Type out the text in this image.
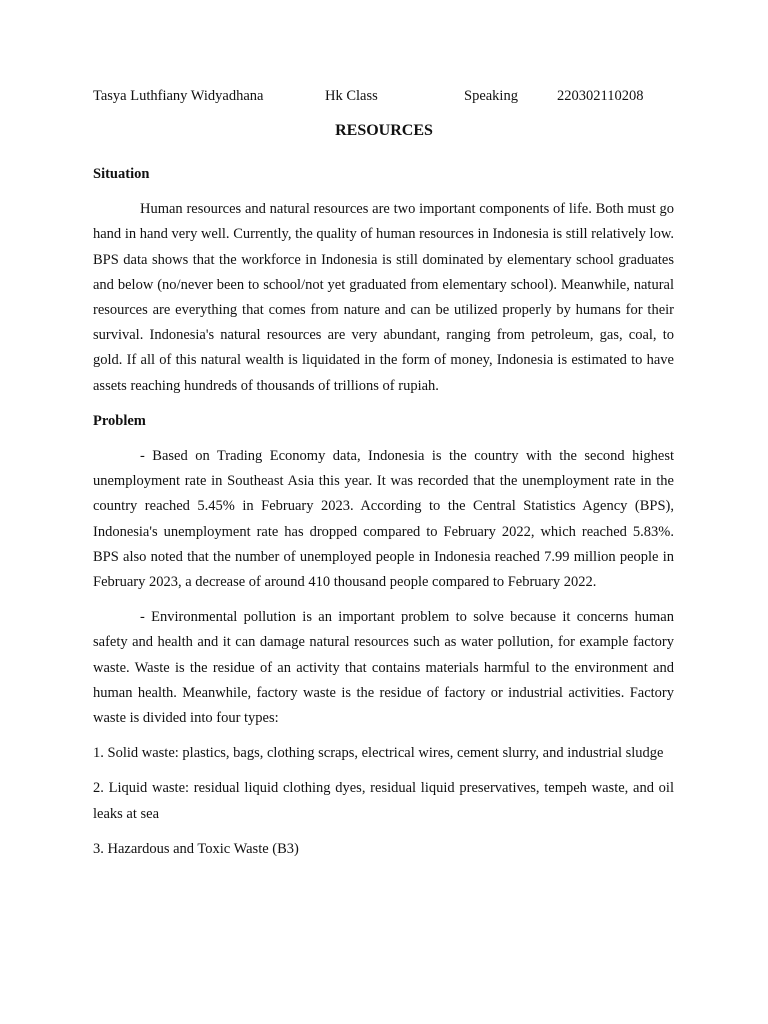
Tasya Luthfiany Widyadhana	Hk Class	Speaking	220302110208
RESOURCES
Situation

Human resources and natural resources are two important components of life. Both must go hand in hand very well. Currently, the quality of human resources in Indonesia is still relatively low. BPS data shows that the workforce in Indonesia is still dominated by elementary school graduates and below (no/never been to school/not yet graduated from elementary school). Meanwhile, natural resources are everything that comes from nature and can be utilized properly by humans for their survival. Indonesia's natural resources are very abundant, ranging from petroleum, gas, coal, to gold. If all of this natural wealth is liquidated in the form of money, Indonesia is estimated to have assets reaching hundreds of thousands of trillions of rupiah.

Problem

- Based on Trading Economy data, Indonesia is the country with the second highest unemployment rate in Southeast Asia this year. It was recorded that the unemployment rate in the country reached 5.45% in February 2023. According to the Central Statistics Agency (BPS), Indonesia's unemployment rate has dropped compared to February 2022, which reached 5.83%. BPS also noted that the number of unemployed people in Indonesia reached 7.99 million people in February 2023, a decrease of around 410 thousand people compared to February 2022.

- Environmental pollution is an important problem to solve because it concerns human safety and health and it can damage natural resources such as water pollution, for example factory waste. Waste is the residue of an activity that contains materials harmful to the environment and human health. Meanwhile, factory waste is the residue of factory or industrial activities. Factory waste is divided into four types:

1. Solid waste: plastics, bags, clothing scraps, electrical wires, cement slurry, and industrial sludge

2. Liquid waste: residual liquid clothing dyes, residual liquid preservatives, tempeh waste, and oil leaks at sea

3. Hazardous and Toxic Waste (B3)
